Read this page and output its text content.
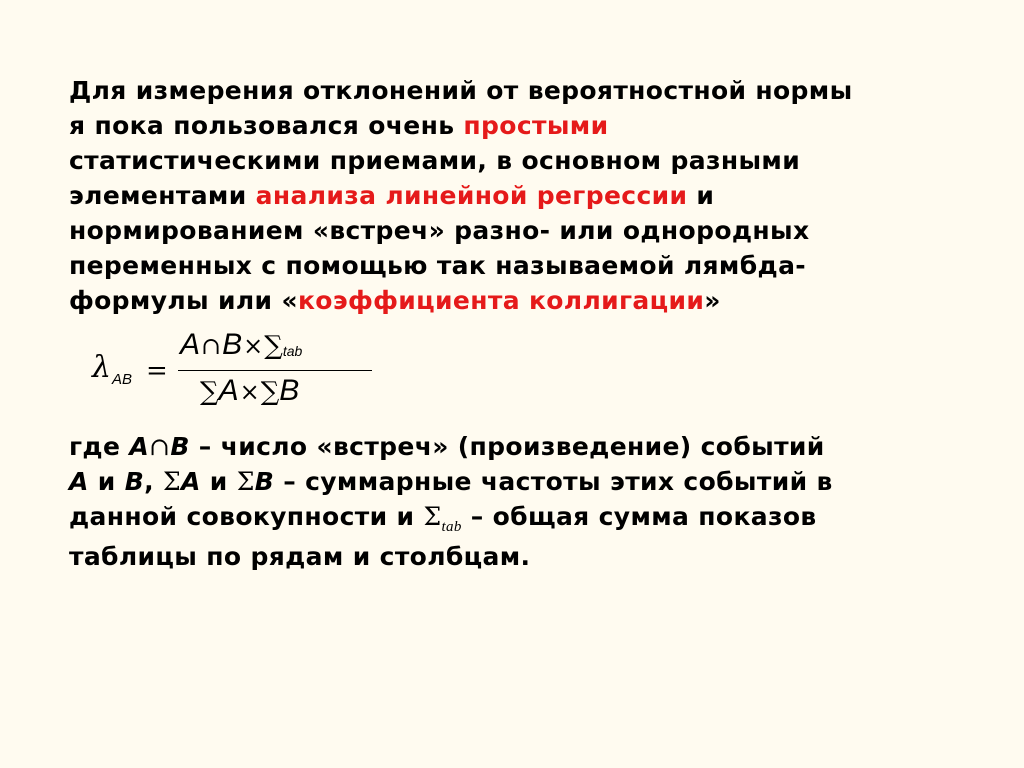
Для измерения отклонений от вероятностной нормы
я пока пользовался очень простыми
статистическими приемами, в основном разными
элементами анализа линейной регрессии и
нормированием «встреч» разно- или однородных
переменных с помощью так называемой лямбда-
формулы или «коэффициента коллигации»
λ AB =
A∩B×∑tab
∑A×∑B
где A∩B – число «встреч» (произведение) событий
A и B, ΣA и ΣB – суммарные частоты этих событий в
данной совокупности и $\Sigma_{tab}$ – общая сумма показов
таблицы по рядам и столбцам.
